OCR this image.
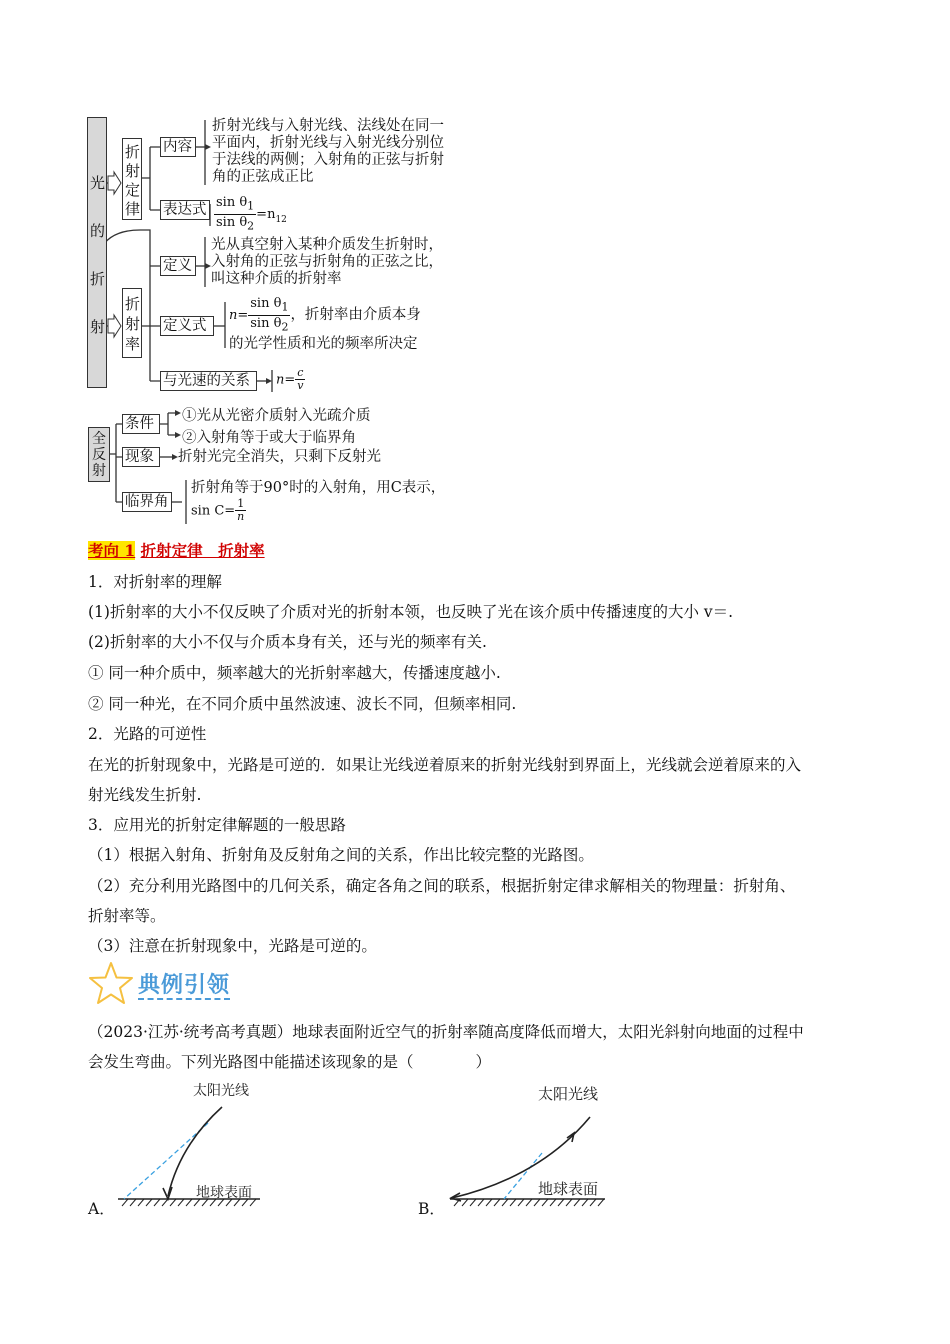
光
的
折
射
折射定律
内容
折射光线与入射光线、法线处在同一
平面内，折射光线与入射光线分别位
于法线的两侧；入射角的正弦与折射
角的正弦成正比
表达式 $\frac{\sin \theta_1}{\sin \theta_2} =n_{12}$
折射率
定义
光从真空射入某种介质发生折射时，
入射角的正弦与折射角的正弦之比，
叫这种介质的折射率
定义式
$n= \frac{\sin \theta_1}{\sin \theta_2}$ ，折射率由介质本身
的光学性质和光的频率所决定
与光速的关系	$n= \frac{c}{v}$
全反射
条件	①光从光密介质射入光疏介质
②入射角等于或大于临界角
现象	折射光完全消失，只剩下反射光
临界角
折射角等于90°时的入射角，用C表示，
$\sin C= \frac{1}{n}$
考向 1 折射定律　折射率
1．对折射率的理解
(1)折射率的大小不仅反映了介质对光的折射本领，也反映了光在该介质中传播速度的大小 v＝.
(2)折射率的大小不仅与介质本身有关，还与光的频率有关.
① 同一种介质中，频率越大的光折射率越大，传播速度越小.
② 同一种光，在不同介质中虽然波速、波长不同，但频率相同.
2．光路的可逆性
在光的折射现象中，光路是可逆的．如果让光线逆着原来的折射光线射到界面上，光线就会逆着原来的入
射光线发生折射.
3．应用光的折射定律解题的一般思路
（1）根据入射角、折射角及反射角之间的关系，作出比较完整的光路图。
（2）充分利用光路图中的几何关系，确定各角之间的联系，根据折射定律求解相关的物理量：折射角、
折射率等。
（3）注意在折射现象中，光路是可逆的。
典例引领
（2023·江苏·统考高考真题）地球表面附近空气的折射率随高度降低而增大，太阳光斜射向地面的过程中
会发生弯曲。下列光路图中能描述该现象的是（　　　　）
A．
太阳光线
地球表面
B．
太阳光线
地球表面
